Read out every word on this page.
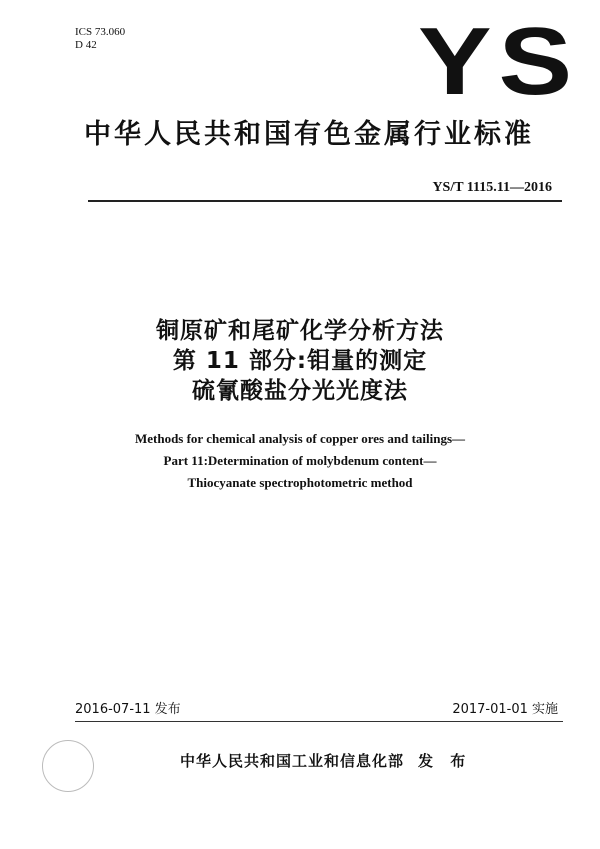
ICS 73.060
D 42	YS
中华人民共和国有色金属行业标准
YS/T 1115.11—2016
铜原矿和尾矿化学分析方法
第 11 部分:钼量的测定
硫氰酸盐分光光度法
Methods for chemical analysis of copper ores and tailings—
Part 11:Determination of molybdenum content—
Thiocyanate spectrophotometric method
2016-07-11 发布	2017-01-01 实施
中华人民共和国工业和信息化部 发 布
